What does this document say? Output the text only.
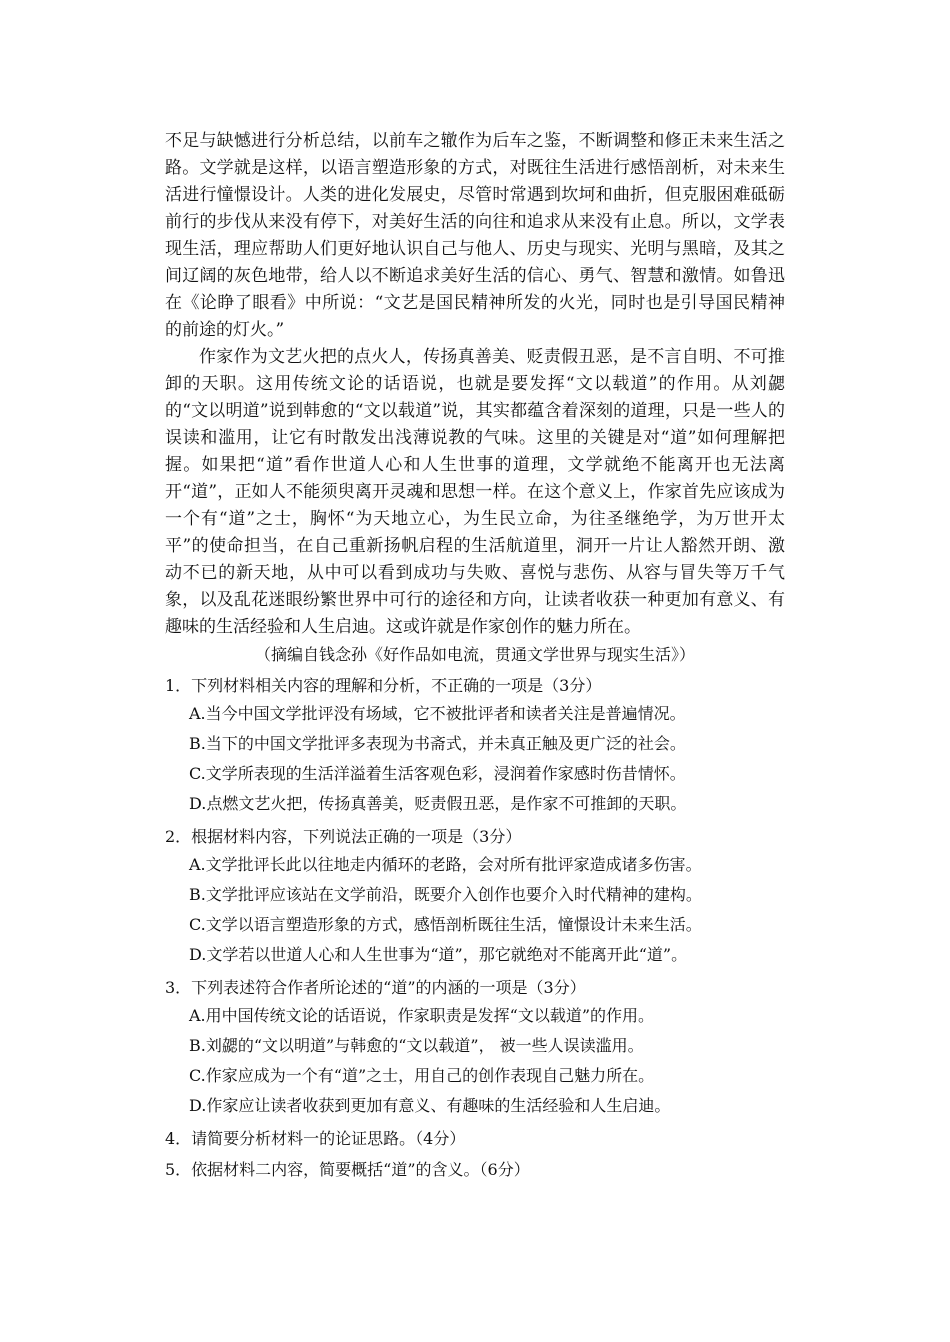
不足与缺憾进行分析总结，以前车之辙作为后车之鉴，不断调整和修正未来生活之路。文学就是这样，以语言塑造形象的方式，对既往生活进行感悟剖析，对未来生活进行憧憬设计。人类的进化发展史，尽管时常遇到坎坷和曲折，但克服困难砥砺前行的步伐从来没有停下，对美好生活的向往和追求从来没有止息。所以，文学表现生活，理应帮助人们更好地认识自己与他人、历史与现实、光明与黑暗，及其之间辽阔的灰色地带，给人以不断追求美好生活的信心、勇气、智慧和激情。如鲁迅在《论睁了眼看》中所说：“文艺是国民精神所发的火光，同时也是引导国民精神的前途的灯火。”

作家作为文艺火把的点火人，传扬真善美、贬责假丑恶，是不言自明、不可推卸的天职。这用传统文论的话语说，也就是要发挥“文以载道”的作用。从刘勰的“文以明道”说到韩愈的“文以载道”说，其实都蕴含着深刻的道理，只是一些人的误读和滥用，让它有时散发出浅薄说教的气味。这里的关键是对“道”如何理解把握。如果把“道”看作世道人心和人生世事的道理，文学就绝不能离开也无法离开“道”，正如人不能须臾离开灵魂和思想一样。在这个意义上，作家首先应该成为一个有“道”之士，胸怀“为天地立心，为生民立命，为往圣继绝学，为万世开太平”的使命担当，在自己重新扬帆启程的生活航道里，洞开一片让人豁然开朗、激动不已的新天地，从中可以看到成功与失败、喜悦与悲伤、从容与冒失等万千气象，以及乱花迷眼纷繁世界中可行的途径和方向，让读者收获一种更加有意义、有趣味的生活经验和人生启迪。这或许就是作家创作的魅力所在。

（摘编自钱念孙《好作品如电流，贯通文学世界与现实生活》）

1．下列材料相关内容的理解和分析，不正确的一项是（3分）

A.当今中国文学批评没有场域，它不被批评者和读者关注是普遍情况。

B.当下的中国文学批评多表现为书斋式，并未真正触及更广泛的社会。

C.文学所表现的生活洋溢着生活客观色彩，浸润着作家感时伤昔情怀。

D.点燃文艺火把，传扬真善美，贬责假丑恶，是作家不可推卸的天职。

2．根据材料内容，下列说法正确的一项是（3分）

A.文学批评长此以往地走内循环的老路，会对所有批评家造成诸多伤害。

B.文学批评应该站在文学前沿，既要介入创作也要介入时代精神的建构。

C.文学以语言塑造形象的方式，感悟剖析既往生活，憧憬设计未来生活。

D.文学若以世道人心和人生世事为“道”，那它就绝对不能离开此“道”。

3．下列表述符合作者所论述的“道”的内涵的一项是（3分）

A.用中国传统文论的话语说，作家职责是发挥“文以载道”的作用。

B.刘勰的“文以明道”与韩愈的“文以载道”， 被一些人误读滥用。

C.作家应成为一个有“道”之士，用自己的创作表现自己魅力所在。

D.作家应让读者收获到更加有意义、有趣味的生活经验和人生启迪。

4．请简要分析材料一的论证思路。（4分）

5．依据材料二内容，简要概括“道”的含义。（6分）
